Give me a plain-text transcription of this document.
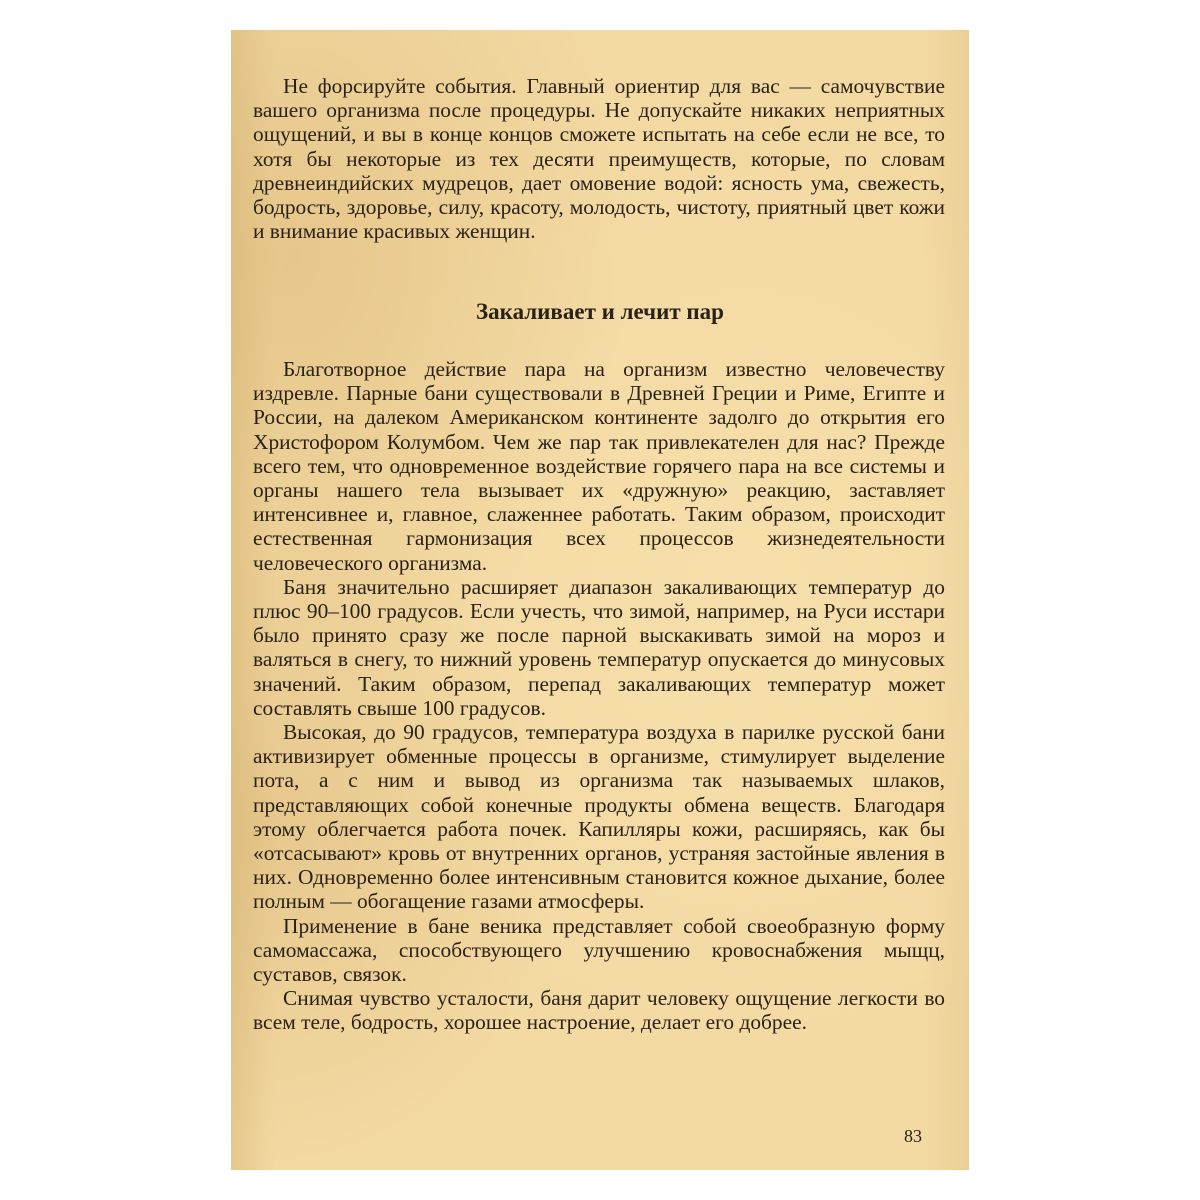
Не форсируйте события. Главный ориентир для вас — самочувствие вашего организма после процедуры. Не допускайте никаких неприятных ощущений, и вы в конце концов сможете испытать на себе если не все, то хотя бы некоторые из тех десяти преимуществ, которые, по словам древнеиндийских мудрецов, дает омовение водой: ясность ума, свежесть, бодрость, здоровье, силу, красоту, молодость, чистоту, приятный цвет кожи и внимание красивых женщин.

Закаливает и лечит пар

Благотворное действие пара на организм известно человечеству издревле. Парные бани существовали в Древней Греции и Риме, Египте и России, на далеком Американском континенте задолго до открытия его Христофором Колумбом. Чем же пар так привлекателен для нас? Прежде всего тем, что одновременное воздействие горячего пара на все системы и органы нашего тела вызывает их «дружную» реакцию, заставляет интенсивнее и, главное, слаженнее работать. Таким образом, происходит естественная гармонизация всех процессов жизнедеятельности человеческого организма.

Баня значительно расширяет диапазон закаливающих температур до плюс 90–100 градусов. Если учесть, что зимой, например, на Руси исстари было принято сразу же после парной выскакивать зимой на мороз и валяться в снегу, то нижний уровень температур опускается до минусовых значений. Таким образом, перепад закаливающих температур может составлять свыше 100 градусов.

Высокая, до 90 градусов, температура воздуха в парилке русской бани активизирует обменные процессы в организме, стимулирует выделение пота, а с ним и вывод из организма так называемых шлаков, представляющих собой конечные продукты обмена веществ. Благодаря этому облегчается работа почек. Капилляры кожи, расширяясь, как бы «отсасывают» кровь от внутренних органов, устраняя застойные явления в них. Одновременно более интенсивным становится кожное дыхание, более полным — обогащение газами атмосферы.

Применение в бане веника представляет собой своеобразную форму самомассажа, способствующего улучшению кровоснабжения мыщц, суставов, связок.

Снимая чувство усталости, баня дарит человеку ощущение легкости во всем теле, бодрость, хорошее настроение, делает его добрее.

83
